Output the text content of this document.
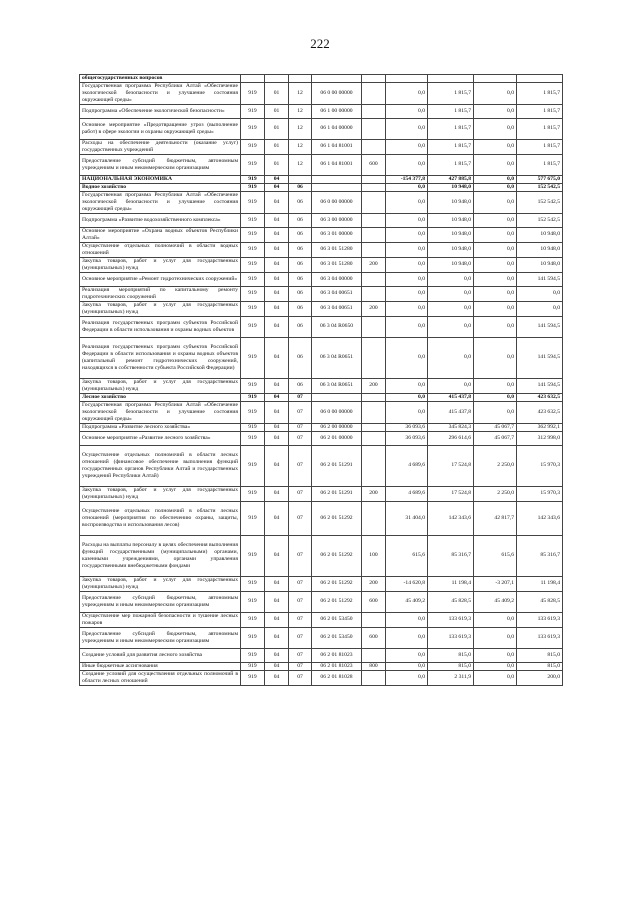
222
общегосударственных вопросов									
Государственная программа Республики Алтай «Обеспечение экологической безопасности и улучшение состояния окружающей среды»	919	01	12	06 0 00 00000		0,0	1 815,7	0,0	1 815,7
Подпрограмма «Обеспечение экологической безопасности»	919	01	12	06 1 00 00000		0,0	1 815,7	0,0	1 815,7
Основное мероприятие «Предотвращение угроз (выполнение работ) в сфере экологии и охраны окружающей среды»	919	01	12	06 1 04 00000		0,0	1 815,7	0,0	1 815,7
Расходы на обеспечение деятельности (оказание услуг) государственных учреждений	919	01	12	06 1 04 81001		0,0	1 815,7	0,0	1 815,7
Предоставление субсидий бюджетным, автономным учреждениям и иным некоммерческим организациям	919	01	12	06 1 04 81001	600	0,0	1 815,7	0,0	1 815,7
НАЦИОНАЛЬНАЯ ЭКОНОМИКА	919	04				-154 377,8	427 885,8	0,0	577 675,0
Водное хозяйство	919	04	06			0,0	10 948,0	0,0	152 542,5
Государственная программа Республики Алтай «Обеспечение экологической безопасности и улучшение состояния окружающей среды»	919	04	06	06 0 00 00000		0,0	10 948,0	0,0	152 542,5
Подпрограмма «Развитие водохозяйственного комплекса»	919	04	06	06 3 00 00000		0,0	10 948,0	0,0	152 542,5
Основное мероприятие «Охрана водных объектов Республики Алтай»	919	04	06	06 3 01 00000		0,0	10 948,0	0,0	10 948,0
Осуществление отдельных полномочий в области водных отношений	919	04	06	06 3 01 51280		0,0	10 948,0	0,0	10 948,0
Закупка товаров, работ и услуг для государственных (муниципальных) нужд	919	04	06	06 3 01 51280	200	0,0	10 948,0	0,0	10 948,0
Основное мероприятие «Ремонт гидротехнических сооружений»	919	04	06	06 3 04 00000		0,0	0,0	0,0	141 594,5
Реализация мероприятий по капитальному ремонту гидротехнических сооружений	919	04	06	06 3 04 00651		0,0	0,0	0,0	0,0
Закупка товаров, работ и услуг для государственных (муниципальных) нужд	919	04	06	06 3 04 00651	200	0,0	0,0	0,0	0,0
Реализация государственных программ субъектов Российской Федерации в области использования и охраны водных объектов	919	04	06	06 3 04 R0650		0,0	0,0	0,0	141 594,5
Реализация государственных программ субъектов Российской Федерации в области использования и охраны водных объектов (капитальный ремонт гидротехнических сооружений, находящихся в собственности субъекта Российской Федерации)	919	04	06	06 3 04 R0651		0,0	0,0	0,0	141 594,5
Закупка товаров, работ и услуг для государственных (муниципальных) нужд	919	04	06	06 3 04 R0651	200	0,0	0,0	0,0	141 594,5
Лесное хозяйство	919	04	07			0,0	415 437,8	0,0	423 632,5
Государственная программа Республики Алтай «Обеспечение экологической безопасности и улучшение состояния окружающей среды»	919	04	07	06 0 00 00000		0,0	415 437,8	0,0	423 632,5
Подпрограмма «Развитие лесного хозяйства»	919	04	07	06 2 00 00000		36 093,6	345 824,3	45 067,7	362 992,1
Основное мероприятие «Развитие лесного хозяйства»	919	04	07	06 2 01 00000		36 093,6	296 614,6	45 067,7	312 998,0
Осуществление отдельных полномочий в области лесных отношений (финансовое обеспечение выполнения функций государственных органов Республики Алтай и государственных учреждений Республики Алтай)	919	04	07	06 2 01 51291		4 689,6	17 524,8	2 250,0	15 970,3
Закупка товаров, работ и услуг для государственных (муниципальных) нужд	919	04	07	06 2 01 51291	200	4 689,6	17 524,8	2 250,0	15 970,3
Осуществление отдельных полномочий в области лесных отношений (мероприятия по обеспечению охраны, защиты, воспроизводства и использования лесов)	919	04	07	06 2 01 51292		31 404,0	142 343,6	42 817,7	142 343,6
Расходы на выплаты персоналу в целях обеспечения выполнения функций государственными (муниципальными) органами, казенными учреждениями, органами управления государственными внебюджетными фондами	919	04	07	06 2 01 51292	100	615,6	85 316,7	615,6	85 316,7
Закупка товаров, работ и услуг для государственных (муниципальных) нужд	919	04	07	06 2 01 51292	200	-14 620,8	11 198,4	-3 207,1	11 198,4
Предоставление субсидий бюджетным, автономным учреждениям и иным некоммерческим организациям	919	04	07	06 2 01 51292	600	45 409,2	45 828,5	45 409,2	45 828,5
Осуществление мер пожарной безопасности и тушение лесных пожаров	919	04	07	06 2 01 53450		0,0	133 619,3	0,0	133 619,3
Предоставление субсидий бюджетным, автономным учреждениям и иным некоммерческим организациям	919	04	07	06 2 01 53450	600	0,0	133 619,3	0,0	133 619,3
Создание условий для развития лесного хозяйства	919	04	07	06 2 01 81023		0,0	815,0	0,0	815,0
Иные бюджетные ассигнования	919	04	07	06 2 01 81023	800	0,0	815,0	0,0	815,0
Создание условий для осуществления отдельных полномочий в области лесных отношений	919	04	07	06 2 01 81028		0,0	2 311,9	0,0	200,0
